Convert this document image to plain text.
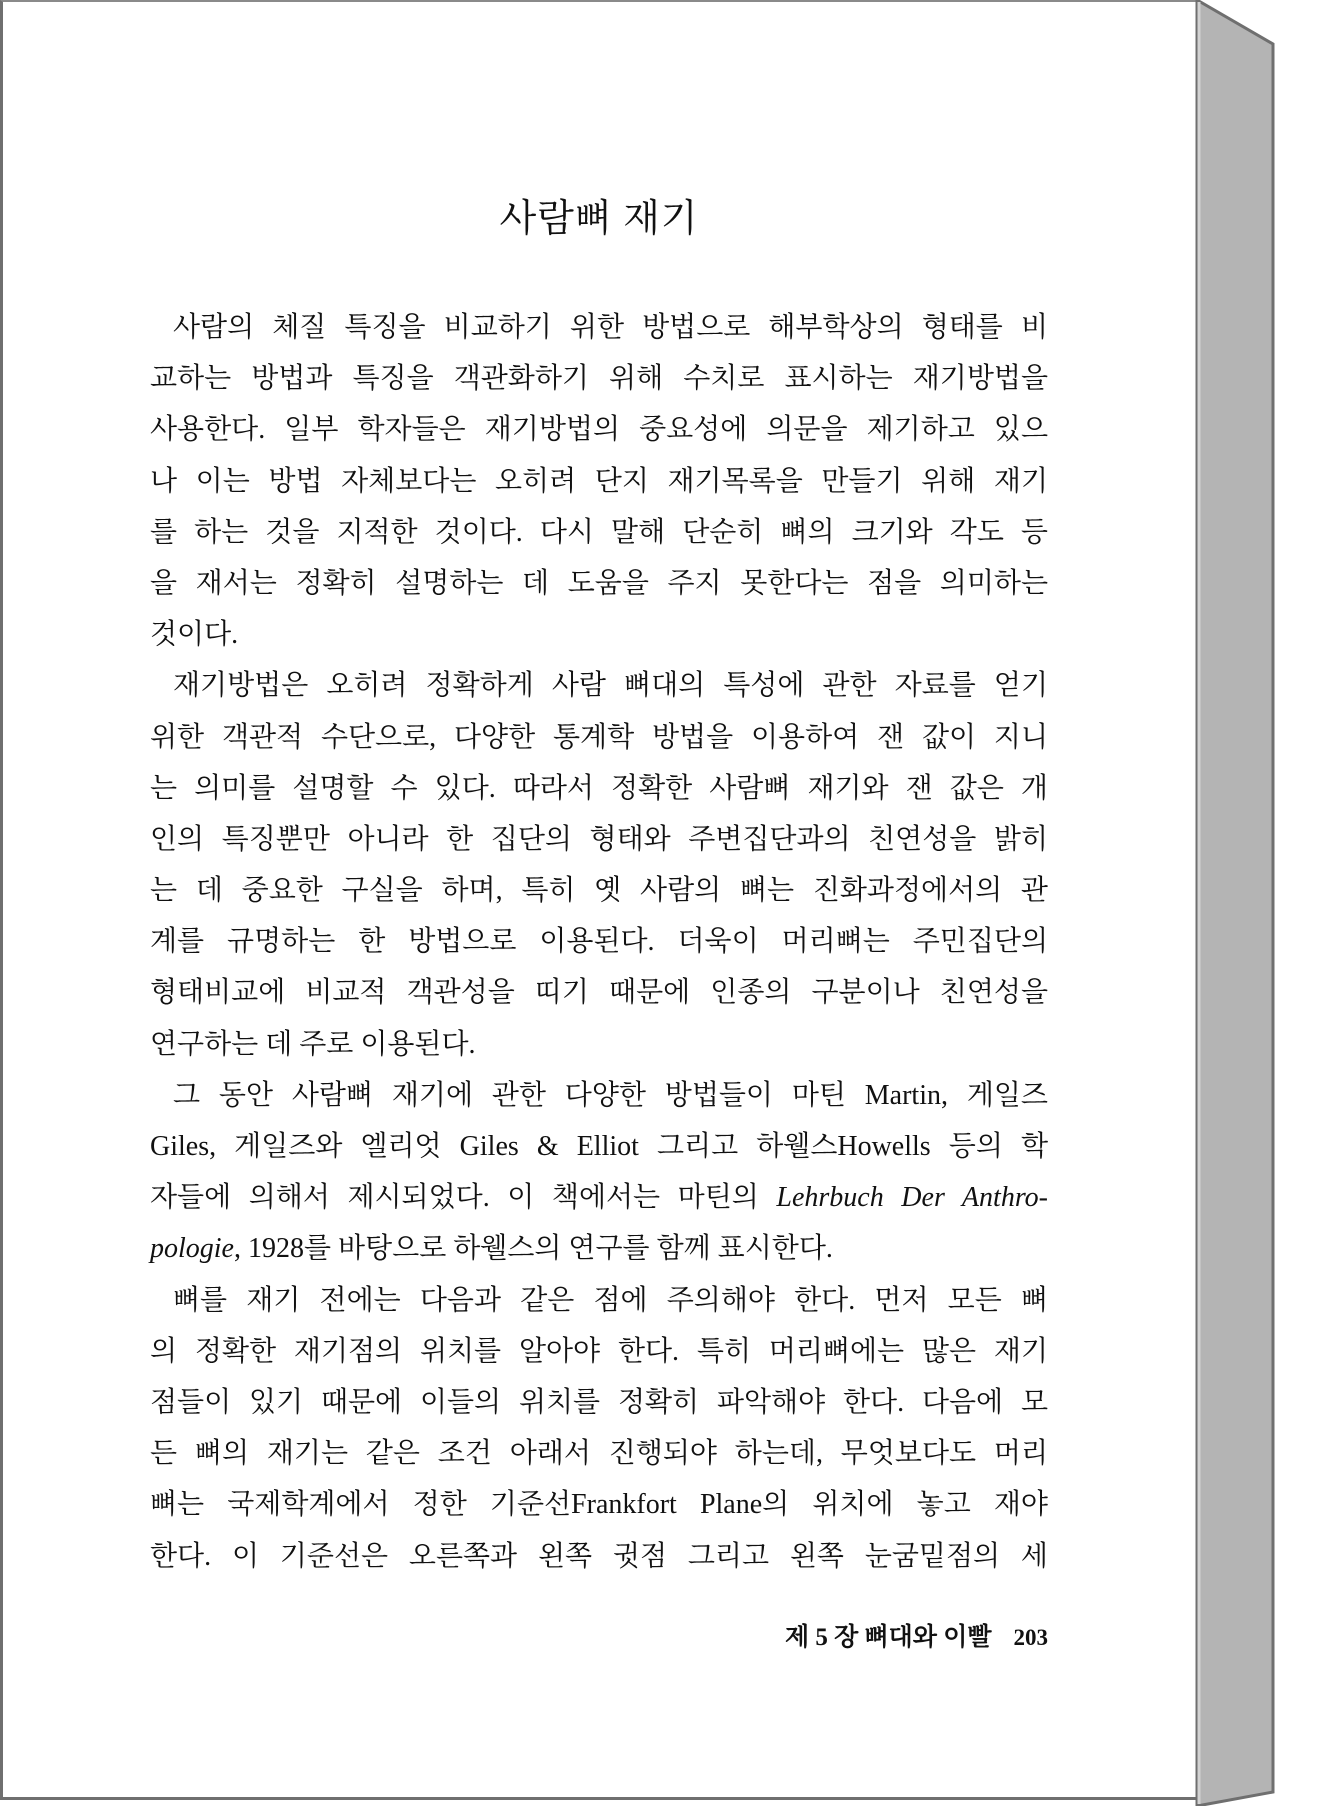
사람뼈 재기
사람의 체질 특징을 비교하기 위한 방법으로 해부학상의 형태를 비
교하는 방법과 특징을 객관화하기 위해 수치로 표시하는 재기방법을
사용한다. 일부 학자들은 재기방법의 중요성에 의문을 제기하고 있으
나 이는 방법 자체보다는 오히려 단지 재기목록을 만들기 위해 재기
를 하는 것을 지적한 것이다. 다시 말해 단순히 뼈의 크기와 각도 등
을 재서는 정확히 설명하는 데 도움을 주지 못한다는 점을 의미하는
것이다.
재기방법은 오히려 정확하게 사람 뼈대의 특성에 관한 자료를 얻기
위한 객관적 수단으로, 다양한 통계학 방법을 이용하여 잰 값이 지니
는 의미를 설명할 수 있다. 따라서 정확한 사람뼈 재기와 잰 값은 개
인의 특징뿐만 아니라 한 집단의 형태와 주변집단과의 친연성을 밝히
는 데 중요한 구실을 하며, 특히 옛 사람의 뼈는 진화과정에서의 관
계를 규명하는 한 방법으로 이용된다. 더욱이 머리뼈는 주민집단의
형태비교에 비교적 객관성을 띠기 때문에 인종의 구분이나 친연성을
연구하는 데 주로 이용된다.
그 동안 사람뼈 재기에 관한 다양한 방법들이 마틴 Martin, 게일즈
Giles, 게일즈와 엘리엇 Giles & Elliot 그리고 하웰스Howells 등의 학
자들에 의해서 제시되었다. 이 책에서는 마틴의 Lehrbuch Der Anthro-
pologie, 1928를 바탕으로 하웰스의 연구를 함께 표시한다.
뼈를 재기 전에는 다음과 같은 점에 주의해야 한다. 먼저 모든 뼈
의 정확한 재기점의 위치를 알아야 한다. 특히 머리뼈에는 많은 재기
점들이 있기 때문에 이들의 위치를 정확히 파악해야 한다. 다음에 모
든 뼈의 재기는 같은 조건 아래서 진행되야 하는데, 무엇보다도 머리
뼈는 국제학계에서 정한 기준선Frankfort Plane의 위치에 놓고 재야
한다. 이 기준선은 오른쪽과 왼쪽 귓점 그리고 왼쪽 눈굼밑점의 세
제 5 장 뼈대와 이빨 203
